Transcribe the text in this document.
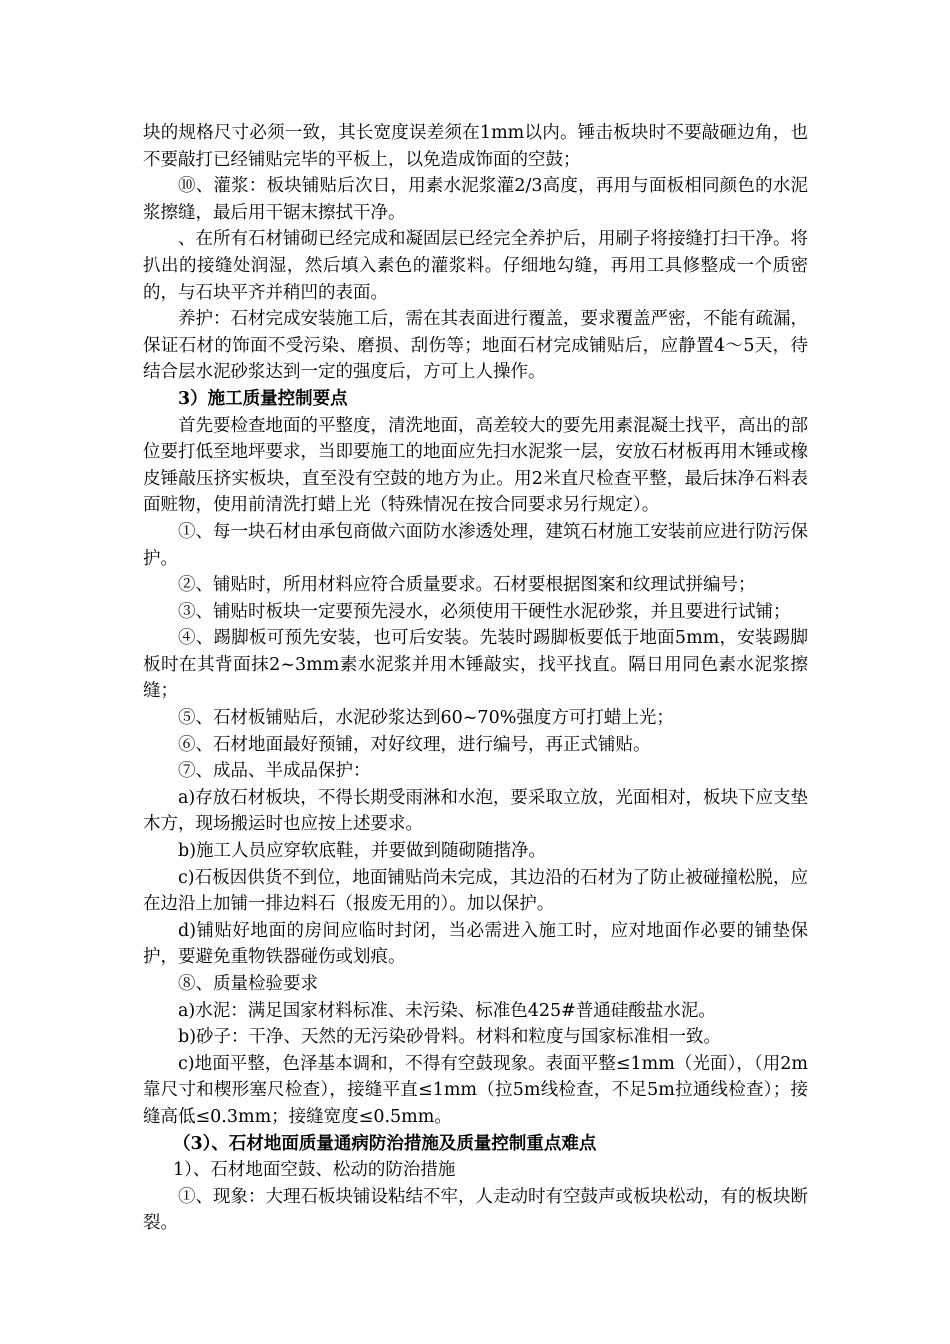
块的规格尺寸必须一致，其长宽度误差须在1mm以内。锤击板块时不要敲砸边角，也不要敲打已经铺贴完毕的平板上，以免造成饰面的空鼓；

⑩、灌浆：板块铺贴后次日，用素水泥浆灌2/3高度，再用与面板相同颜色的水泥浆擦缝，最后用干锯末擦拭干净。

、在所有石材铺砌已经完成和凝固层已经完全养护后，用刷子将接缝打扫干净。将扒出的接缝处润湿，然后填入素色的灌浆料。仔细地勾缝，再用工具修整成一个质密的，与石块平齐并稍凹的表面。

养护：石材完成安装施工后，需在其表面进行覆盖，要求覆盖严密，不能有疏漏，保证石材的饰面不受污染、磨损、刮伤等；地面石材完成铺贴后，应静置4～5天，待结合层水泥砂浆达到一定的强度后，方可上人操作。

3）施工质量控制要点

首先要检查地面的平整度，清洗地面，高差较大的要先用素混凝土找平，高出的部位要打低至地坪要求，当即要施工的地面应先扫水泥浆一层，安放石材板再用木锤或橡皮锤敲压挤实板块，直至没有空鼓的地方为止。用2米直尺检查平整，最后抹净石料表面赃物，使用前清洗打蜡上光（特殊情况在按合同要求另行规定）。

①、每一块石材由承包商做六面防水渗透处理，建筑石材施工安装前应进行防污保护。

②、铺贴时，所用材料应符合质量要求。石材要根据图案和纹理试拼编号；

③、铺贴时板块一定要预先浸水，必须使用干硬性水泥砂浆，并且要进行试铺；

④、踢脚板可预先安装，也可后安装。先装时踢脚板要低于地面5mm，安装踢脚板时在其背面抹2~3mm素水泥浆并用木锤敲实，找平找直。隔日用同色素水泥浆擦缝；

⑤、石材板铺贴后，水泥砂浆达到60~70%强度方可打蜡上光；

⑥、石材地面最好预铺，对好纹理，进行编号，再正式铺贴。

⑦、成品、半成品保护：

a)存放石材板块，不得长期受雨淋和水泡，要采取立放，光面相对，板块下应支垫木方，现场搬运时也应按上述要求。

b)施工人员应穿软底鞋，并要做到随砌随揩净。

c)石板因供货不到位，地面铺贴尚未完成，其边沿的石材为了防止被碰撞松脱，应在边沿上加铺一排边料石（报废无用的）。加以保护。

d)铺贴好地面的房间应临时封闭，当必需进入施工时，应对地面作必要的铺垫保护，要避免重物铁器碰伤或划痕。

⑧、质量检验要求

a)水泥：满足国家材料标准、未污染、标准色425#普通硅酸盐水泥。

b)砂子：干净、天然的无污染砂骨料。材料和粒度与国家标准相一致。

c)地面平整，色泽基本调和，不得有空鼓现象。表面平整≤1mm（光面），（用2m靠尺寸和楔形塞尺检查），接缝平直≤1mm（拉5m线检查，不足5m拉通线检查）；接缝高低≤0.3mm；接缝宽度≤0.5mm。

（3）、石材地面质量通病防治措施及质量控制重点难点

1）、石材地面空鼓、松动的防治措施

①、现象：大理石板块铺设粘结不牢，人走动时有空鼓声或板块松动，有的板块断裂。
